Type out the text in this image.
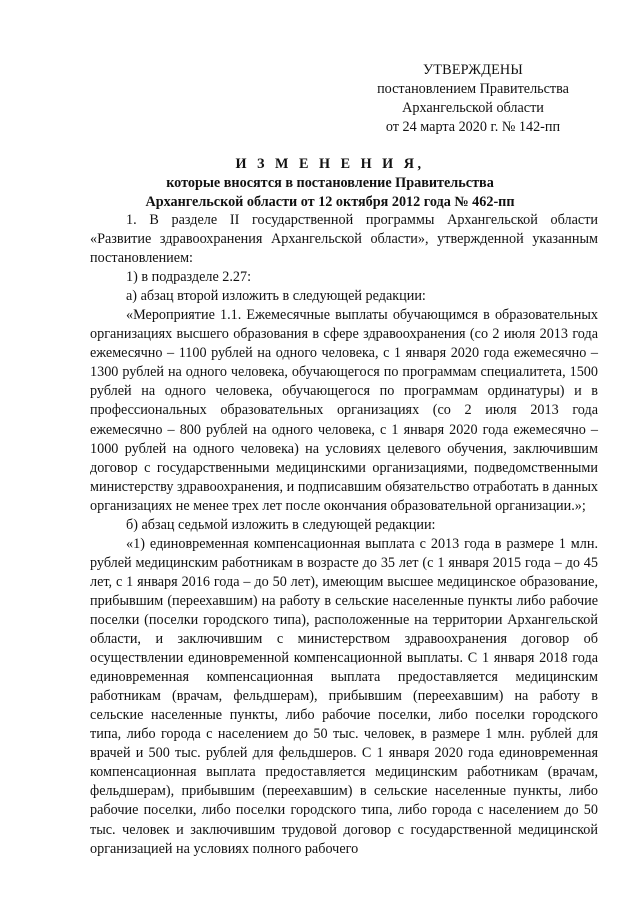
УТВЕРЖДЕНЫ
постановлением Правительства
Архангельской области
от 24 марта 2020 г. № 142-пп
И З М Е Н Е Н И Я,
которые вносятся в постановление Правительства
Архангельской области от 12 октября 2012 года № 462-пп

1. В разделе II государственной программы Архангельской области «Развитие здравоохранения Архангельской области», утвержденной указанным постановлением:

1) в подразделе 2.27:

а) абзац второй изложить в следующей редакции:

«Мероприятие 1.1. Ежемесячные выплаты обучающимся в образовательных организациях высшего образования в сфере здравоохранения (со 2 июля 2013 года ежемесячно – 1100 рублей на одного человека, с 1 января 2020 года ежемесячно – 1300 рублей на одного человека, обучающегося по программам специалитета, 1500 рублей на одного человека, обучающегося по программам ординатуры) и в профессиональных образовательных организациях (со 2 июля 2013 года ежемесячно – 800 рублей на одного человека, с 1 января 2020 года ежемесячно – 1000 рублей на одного человека) на условиях целевого обучения, заключившим договор с государственными медицинскими организациями, подведомственными министерству здравоохранения, и подписавшим обязательство отработать в данных организациях не менее трех лет после окончания образовательной организации.»;

б) абзац седьмой изложить в следующей редакции:

«1) единовременная компенсационная выплата с 2013 года в размере 1 млн. рублей медицинским работникам в возрасте до 35 лет (с 1 января 2015 года – до 45 лет, с 1 января 2016 года – до 50 лет), имеющим высшее медицинское образование, прибывшим (переехавшим) на работу в сельские населенные пункты либо рабочие поселки (поселки городского типа), расположенные на территории Архангельской области, и заключившим с министерством здравоохранения договор об осуществлении единовременной компенсационной выплаты. С 1 января 2018 года единовременная компенсационная выплата предоставляется медицинским работникам (врачам, фельдшерам), прибывшим (переехавшим) на работу в сельские населенные пункты, либо рабочие поселки, либо поселки городского типа, либо города с населением до 50 тыс. человек, в размере 1 млн. рублей для врачей и 500 тыс. рублей для фельдшеров. С 1 января 2020 года единовременная компенсационная выплата предоставляется медицинским работникам (врачам, фельдшерам), прибывшим (переехавшим) в сельские населенные пункты, либо рабочие поселки, либо поселки городского типа, либо города с населением до 50 тыс. человек и заключившим трудовой договор с государственной медицинской организацией на условиях полного рабочего
